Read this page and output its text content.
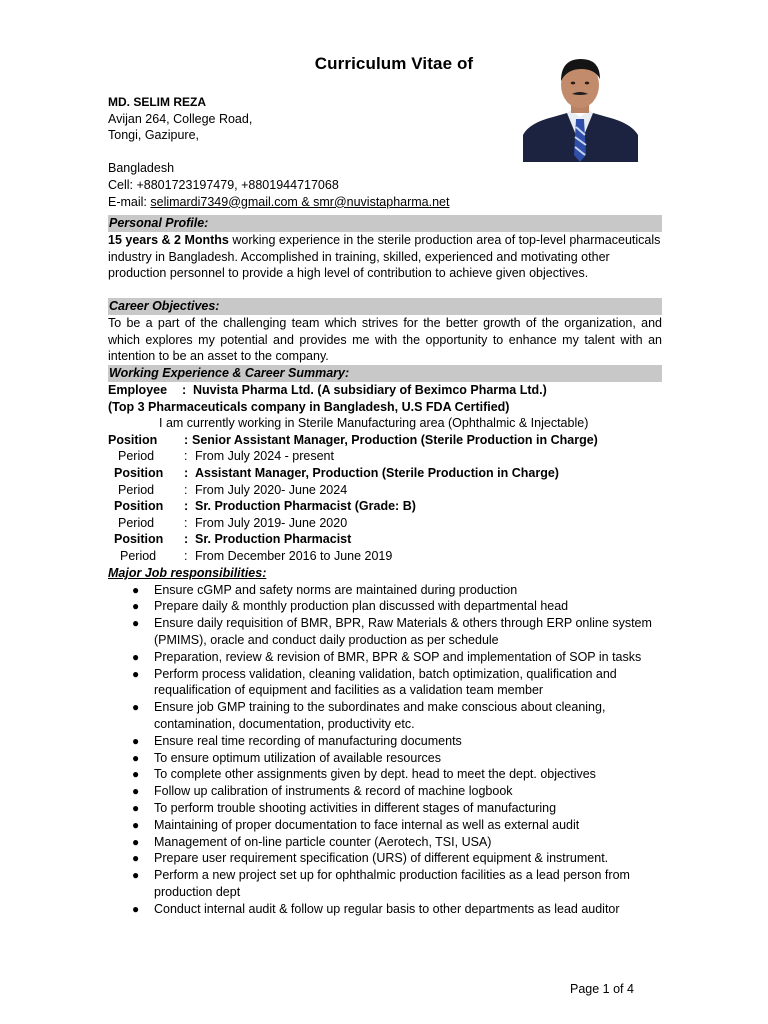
Curriculum Vitae of
MD. SELIM REZA
Avijan 264, College Road,
Tongi, Gazipure,
Bangladesh
Cell: +8801723197479, +8801944717068
E-mail: selimardi7349@gmail.com & smr@nuvistapharma.net
Personal Profile:
15 years & 2 Months working experience in the sterile production area of top-level pharmaceuticals industry in Bangladesh. Accomplished in training, skilled, experienced and motivating other production personnel to provide a high level of contribution to achieve given objectives.
Career Objectives:
To be a part of the challenging team which strives for the better growth of the organization, and which explores my potential and provides me with the opportunity to enhance my talent with an intention to be an asset to the company.
Working Experience & Career Summary:
Employee	: Nuvista Pharma Ltd. (A subsidiary of Beximco Pharma Ltd.)
(Top 3 Pharmaceuticals company in Bangladesh, U.S FDA Certified)
I am currently working in Sterile Manufacturing area (Ophthalmic & Injectable)
Position	: Senior Assistant Manager, Production (Sterile Production in Charge)
Period	: From July 2024 - present
Position	: Assistant Manager, Production (Sterile Production in Charge)
Period	: From July 2020- June 2024
Position	: Sr. Production Pharmacist (Grade: B)
Period	: From July 2019- June 2020
Position	: Sr. Production Pharmacist
Period	: From December 2016 to June 2019
Major Job responsibilities:
● Ensure cGMP and safety norms are maintained during production
● Prepare daily & monthly production plan discussed with departmental head
● Ensure daily requisition of BMR, BPR, Raw Materials & others through ERP online system (PMIMS), oracle and conduct daily production as per schedule
● Preparation, review & revision of BMR, BPR & SOP and implementation of SOP in tasks
● Perform process validation, cleaning validation, batch optimization, qualification and requalification of equipment and facilities as a validation team member
● Ensure job GMP training to the subordinates and make conscious about cleaning, contamination, documentation, productivity etc.
● Ensure real time recording of manufacturing documents
● To ensure optimum utilization of available resources
● To complete other assignments given by dept. head to meet the dept. objectives
● Follow up calibration of instruments & record of machine logbook
● To perform trouble shooting activities in different stages of manufacturing
● Maintaining of proper documentation to face internal as well as external audit
● Management of on-line particle counter (Aerotech, TSI, USA)
● Prepare user requirement specification (URS) of different equipment & instrument.
● Perform a new project set up for ophthalmic production facilities as a lead person from production dept
● Conduct internal audit & follow up regular basis to other departments as lead auditor
Page 1 of 4
